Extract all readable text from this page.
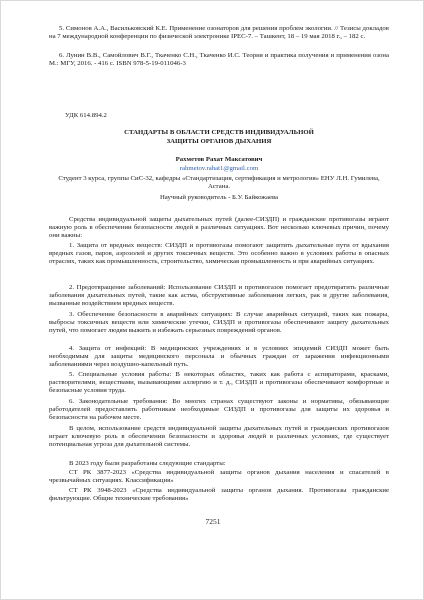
5. Симонов А.А., Васильковский К.Е. Применение озонаторов для решения проблем экологии. // Тезисы докладов на 7 международной конференции по физической электронике IPEC-7. – Ташкент, 18 – 19 мая 2018 г., – 182 с.

6. Лунин В.В., Самойлович В.Г., Ткаченко С.Н., Ткаченко И.С. Теория и практика получения и применения озона М.: МГУ, 2016. - 416 с. ISBN 978-5-19-011046-3

УДК 614.894.2

СТАНДАРТЫ В ОБЛАСТИ СРЕДСТВ ИНДИВИДУАЛЬНОЙ

ЗАЩИТЫ ОРГАНОВ ДЫХАНИЯ

Рахметов Рахат Максатович

rahmetov.rahat1@gmail.com

Студент 3 курса, группы СиС-32, кафедры «Стандартизация, сертификация и метрология» ЕНУ Л.Н. Гумилева, Астана.

Научный руководитель - Б.У. Байкожаева

Средства индивидуальной защиты дыхательных путей (далее-СИЗДП) и гражданские противогазы играют важную роль в обеспечении безопасности людей в различных ситуациях. Вот несколько ключевых причин, почему они важны:

1. Защита от вредных веществ: СИЗДП и противогазы помогают защитить дыхательные пути от вдыхания вредных газов, паров, аэрозолей и других токсичных веществ. Это особенно важно в условиях работы в опасных отраслях, таких как промышленность, строительство, химическая промышленность и при аварийных ситуациях.

2. Предотвращение заболеваний: Использование СИЗДП и противогазов помогает предотвратить различные заболевания дыхательных путей, такие как астма, обструктивные заболевания легких, рак и другие заболевания, вызванные воздействием вредных веществ.

3. Обеспечение безопасности в аварийных ситуациях: В случае аварийных ситуаций, таких как пожары, выбросы токсичных веществ или химические утечки, СИЗДП и противогазы обеспечивают защиту дыхательных путей, что помогает людям выжить и избежать серьезных повреждений органов.

4. Защита от инфекций: В медицинских учреждениях и в условиях эпидемий СИЗДП может быть необходимым для защиты медицинского персонала и обычных граждан от заражения инфекционными заболеваниями через воздушно-капельный путь.

5. Специальные условия работы: В некоторых областях, таких как работа с аспираторами, красками, растворителями, веществами, вызывающими аллергию и т. д., СИЗДП и противогазы обеспечивают комфортные и безопасные условия труда.

6. Законодательные требования: Во многих странах существуют законы и нормативы, обязывающие работодателей предоставлять работникам необходимые СИЗДП и противогазы для защиты их здоровья и безопасности на рабочем месте.

В целом, использование средств индивидуальной защиты дыхательных путей и гражданских противогазов играет ключевую роль в обеспечении безопасности и здоровья людей в различных условиях, где существует потенциальная угроза для дыхательной системы.

В 2023 году были разработаны следующие стандарты:

СТ РК 3877-2023 «Средства индивидуальной защиты органов дыхания населения и спасателей в чрезвычайных ситуациях. Классификация»

СТ РК 3948-2023 «Средства индивидуальной защиты органов дыхания. Противогазы гражданские фильтрующие. Общие технические требования»

7251
